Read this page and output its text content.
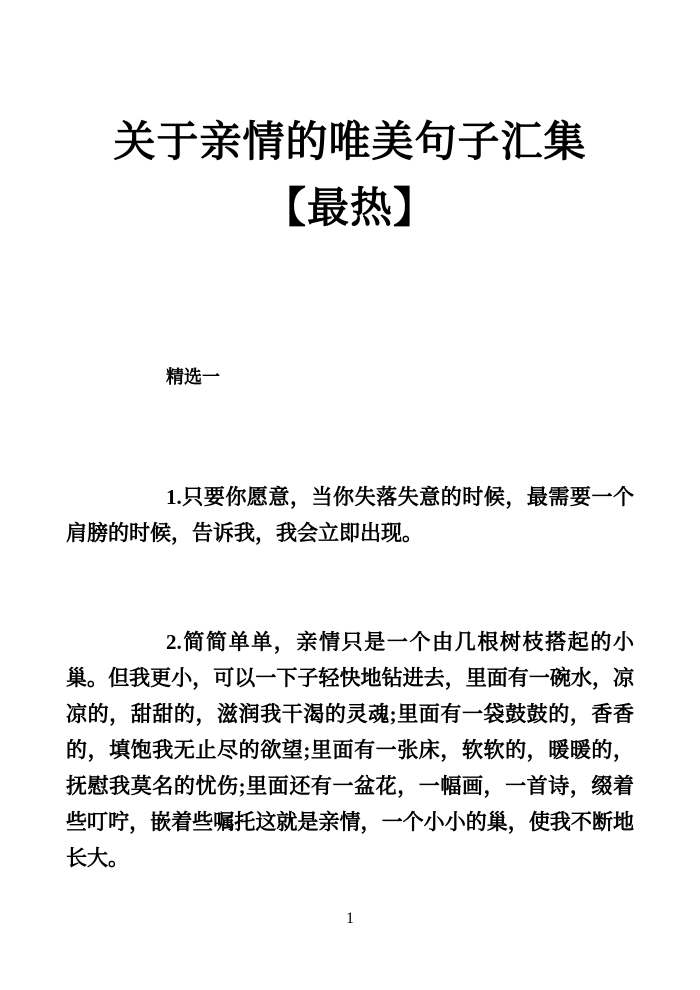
关于亲情的唯美句子汇集
【最热】
精选一

1.只要你愿意，当你失落失意的时候，最需要一个肩膀的时候，告诉我，我会立即出现。

2.简简单单，亲情只是一个由几根树枝搭起的小巢。但我更小，可以一下子轻快地钻进去，里面有一碗水，凉凉的，甜甜的，滋润我干渴的灵魂;里面有一袋鼓鼓的，香香的，填饱我无止尽的欲望;里面有一张床，软软的，暖暖的，抚慰我莫名的忧伤;里面还有一盆花，一幅画，一首诗，缀着些叮咛，嵌着些嘱托这就是亲情，一个小小的巢，使我不断地长大。

1
